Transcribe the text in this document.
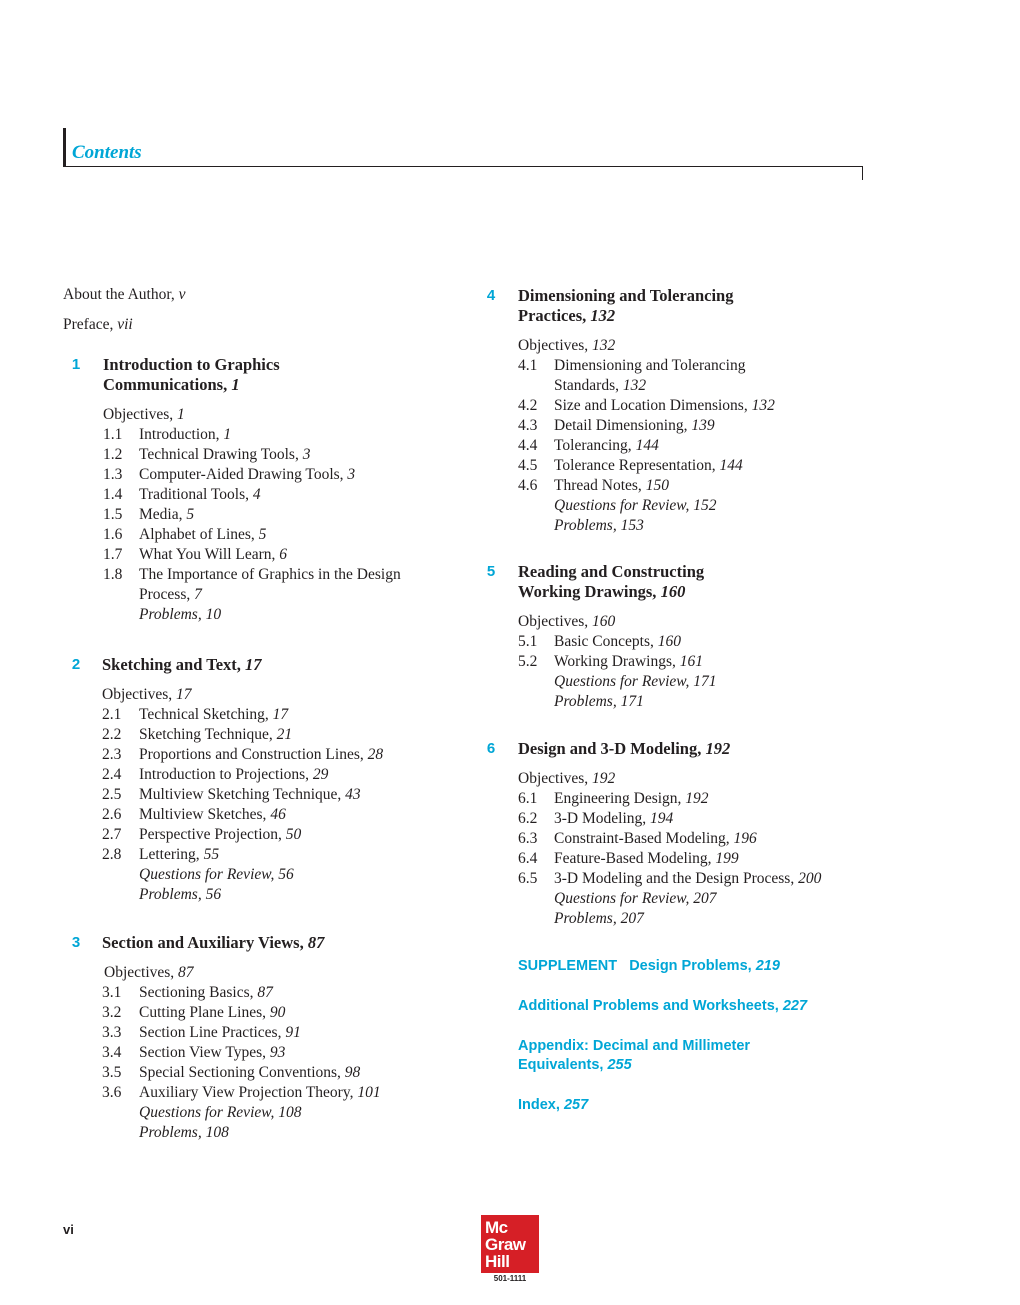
Contents
About the Author, v
Preface, vii
1	Introduction to Graphics
Communications, 1
Objectives, 1
1.1 Introduction, 1
1.2 Technical Drawing Tools, 3
1.3 Computer-Aided Drawing Tools, 3
1.4 Traditional Tools, 4
1.5 Media, 5
1.6 Alphabet of Lines, 5
1.7 What You Will Learn, 6
1.8 The Importance of Graphics in the Design
Process, 7
Problems, 10
2	Sketching and Text, 17
Objectives, 17
2.1 Technical Sketching, 17
2.2 Sketching Technique, 21
2.3 Proportions and Construction Lines, 28
2.4 Introduction to Projections, 29
2.5 Multiview Sketching Technique, 43
2.6 Multiview Sketches, 46
2.7 Perspective Projection, 50
2.8 Lettering, 55
Questions for Review, 56
Problems, 56
3	Section and Auxiliary Views, 87
Objectives, 87
3.1 Sectioning Basics, 87
3.2 Cutting Plane Lines, 90
3.3 Section Line Practices, 91
3.4 Section View Types, 93
3.5 Special Sectioning Conventions, 98
3.6 Auxiliary View Projection Theory, 101
Questions for Review, 108
Problems, 108
4	Dimensioning and Tolerancing
Practices, 132
Objectives, 132
4.1 Dimensioning and Tolerancing
Standards, 132
4.2 Size and Location Dimensions, 132
4.3 Detail Dimensioning, 139
4.4 Tolerancing, 144
4.5 Tolerance Representation, 144
4.6 Thread Notes, 150
Questions for Review, 152
Problems, 153
5	Reading and Constructing
Working Drawings, 160
Objectives, 160
5.1 Basic Concepts, 160
5.2 Working Drawings, 161
Questions for Review, 171
Problems, 171
6	Design and 3-D Modeling, 192
Objectives, 192
6.1 Engineering Design, 192
6.2 3-D Modeling, 194
6.3 Constraint-Based Modeling, 196
6.4 Feature-Based Modeling, 199
6.5 3-D Modeling and the Design Process, 200
Questions for Review, 207
Problems, 207
SUPPLEMENT Design Problems, 219
Additional Problems and Worksheets, 227
Appendix: Decimal and Millimeter
Equivalents, 255
Index, 257
vi	Mc
Graw
Hill
501-1111
